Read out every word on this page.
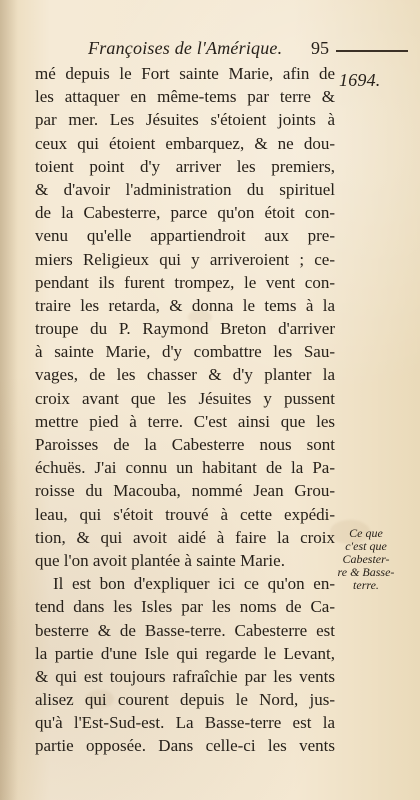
Françoises de l'Amérique. 95
1694.
mé depuis le Fort sainte Marie, afin de
les attaquer en même-tems par terre &
par mer. Les Jésuites s'étoient joints à
ceux qui étoient embarquez, & ne dou-
toient point d'y arriver les premiers,
& d'avoir l'administration du spirituel
de la Cabesterre, parce qu'on étoit con-
venu qu'elle appartiendroit aux pre-
miers Religieux qui y arriveroient ; ce-
pendant ils furent trompez, le vent con-
traire les retarda, & donna le tems à la
troupe du P. Raymond Breton d'arriver
à sainte Marie, d'y combattre les Sau-
vages, de les chasser & d'y planter la
croix avant que les Jésuites y pussent
mettre pied à terre. C'est ainsi que les
Paroisses de la Cabesterre nous sont
échuës. J'ai connu un habitant de la Pa-
roisse du Macouba, nommé Jean Grou-
leau, qui s'étoit trouvé à cette expédi-
tion, & qui avoit aidé à faire la croix
que l'on avoit plantée à sainte Marie.
Il est bon d'expliquer ici ce qu'on en-
tend dans les Isles par les noms de Ca-
besterre & de Basse-terre. Cabesterre est
la partie d'une Isle qui regarde le Levant,
& qui est toujours rafraîchie par les vents
alisez qui courent depuis le Nord, jus-
qu'à l'Est-Sud-est. La Basse-terre est la
partie opposée. Dans celle-ci les vents
Ce que
c'est que
Cabester-
re & Basse-
terre.
